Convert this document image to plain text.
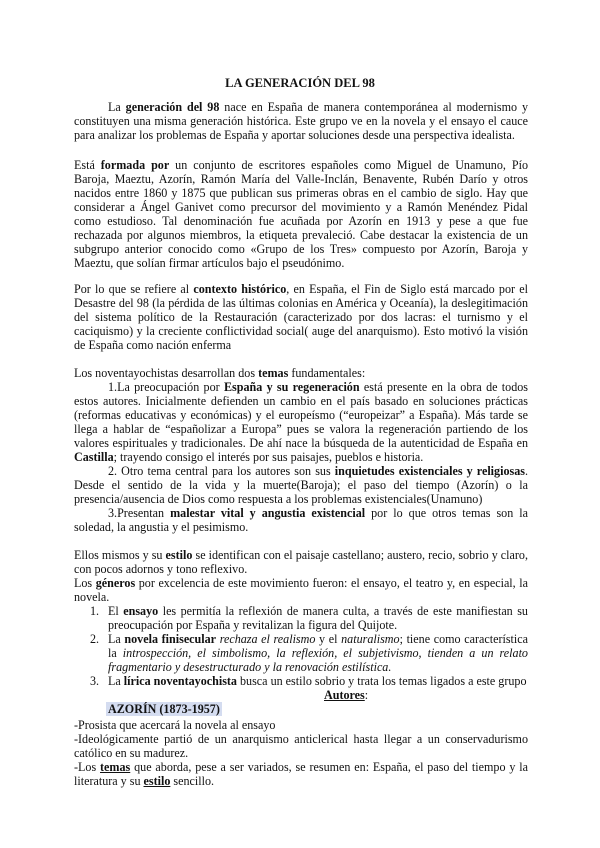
LA GENERACIÓN DEL 98
La generación del 98 nace en España de manera contemporánea al modernismo y
constituyen una misma generación histórica. Este grupo ve en la novela y el ensayo el cauce
para analizar los problemas de España y aportar soluciones desde una perspectiva idealista.
Está formada por un conjunto de escritores españoles como Miguel de Unamuno, Pío
Baroja, Maeztu, Azorín, Ramón María del Valle-Inclán, Benavente, Rubén Darío y otros
nacidos entre 1860 y 1875 que publican sus primeras obras en el cambio de siglo. Hay que
considerar a Ángel Ganivet como precursor del movimiento y a Ramón Menéndez Pidal
como estudioso. Tal denominación fue acuñada por Azorín en 1913 y pese a que fue
rechazada por algunos miembros, la etiqueta prevaleció. Cabe destacar la existencia de un
subgrupo anterior conocido como «Grupo de los Tres» compuesto por Azorín, Baroja y
Maeztu, que solían firmar artículos bajo el pseudónimo.
Por lo que se refiere al contexto histórico, en España, el Fin de Siglo está marcado por el
Desastre del 98 (la pérdida de las últimas colonias en América y Oceanía), la deslegitimación
del sistema político de la Restauración (caracterizado por dos lacras: el turnismo y el
caciquismo) y la creciente conflictividad social( auge del anarquismo). Esto motivó la visión
de España como nación enferma
Los noventayochistas desarrollan dos temas fundamentales:
1.La preocupación por España y su regeneración está presente en la obra de todos
estos autores. Inicialmente defienden un cambio en el país basado en soluciones prácticas
(reformas educativas y económicas) y el europeísmo (“europeizar” a España). Más tarde se
llega a hablar de “españolizar a Europa” pues se valora la regeneración partiendo de los
valores espirituales y tradicionales. De ahí nace la búsqueda de la autenticidad de España en
Castilla; trayendo consigo el interés por sus paisajes, pueblos e historia.
2. Otro tema central para los autores son sus inquietudes existenciales y religiosas.
Desde el sentido de la vida y la muerte(Baroja); el paso del tiempo (Azorín) o la
presencia/ausencia de Dios como respuesta a los problemas existenciales(Unamuno)
3.Presentan malestar vital y angustia existencial por lo que otros temas son la
soledad, la angustia y el pesimismo.
Ellos mismos y su estilo se identifican con el paisaje castellano; austero, recio, sobrio y claro,
con pocos adornos y tono reflexivo.
Los géneros por excelencia de este movimiento fueron: el ensayo, el teatro y, en especial, la
novela.
1. El ensayo les permitía la reflexión de manera culta, a través de este manifiestan su
preocupación por España y revitalizan la figura del Quijote.
2. La novela finisecular rechaza el realismo y el naturalismo; tiene como característica
la introspección, el simbolismo, la reflexión, el subjetivismo, tienden a un relato
fragmentario y desestructurado y la renovación estilística.
3. La lírica noventayochista busca un estilo sobrio y trata los temas ligados a este grupo
Autores:
AZORÍN (1873-1957)
-Prosista que acercará la novela al ensayo
-Ideológicamente partió de un anarquismo anticlerical hasta llegar a un conservadurismo
católico en su madurez.
-Los temas que aborda, pese a ser variados, se resumen en: España, el paso del tiempo y la
literatura y su estilo sencillo.
